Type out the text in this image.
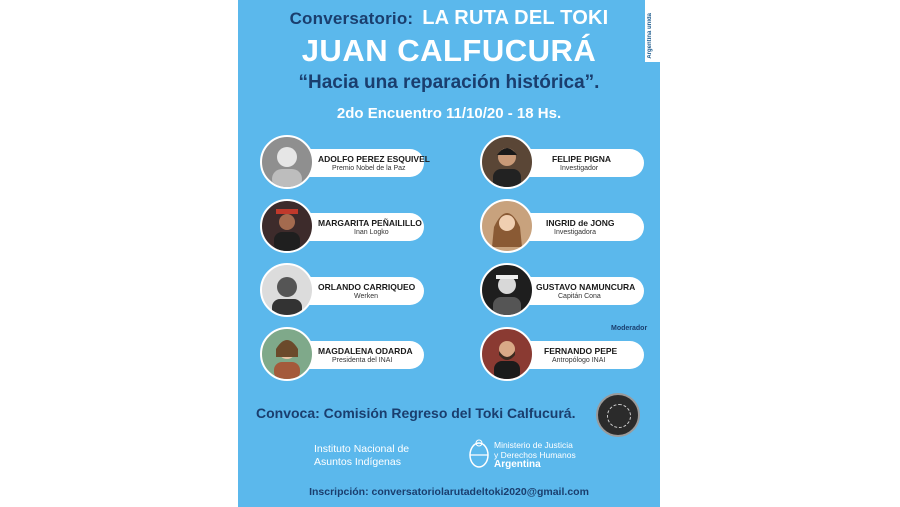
Argentina unida
Conversatorio: LA RUTA DEL TOKI
JUAN CALFUCURÁ
“Hacia una reparación histórica”.
2do Encuentro 11/10/20 - 18 Hs.
ADOLFO PEREZ ESQUIVEL
Premio Nobel de la Paz
MARGARITA PEÑAILILLO
Inan Logko
ORLANDO CARRIQUEO
Werken
MAGDALENA ODARDA
Presidenta del INAI
FELIPE PIGNA
Investigador
INGRID de JONG
Investigadora
GUSTAVO NAMUNCURA
Capitán Cona
Moderador
FERNANDO PEPE
Antropólogo INAI
Convoca: Comisión Regreso del Toki Calfucurá.
Instituto Nacional de
Asuntos Indígenas
Ministerio de Justicia
y Derechos Humanos
Argentina
Inscripción: conversatoriolarutadeltoki2020@gmail.com
